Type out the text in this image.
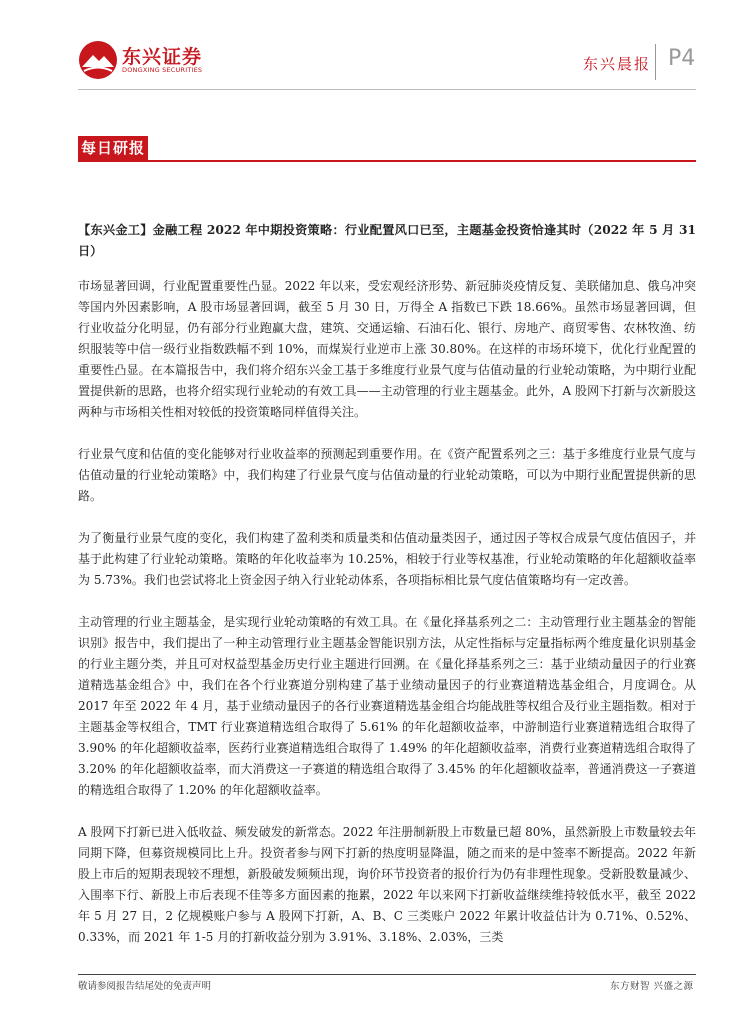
东兴证券
DONGXING SECURITIES	东兴晨报 P4
每日研报

【东兴金工】金融工程 2022 年中期投资策略：行业配置风口已至，主题基金投资恰逢其时（2022 年 5 月 31 日）

市场显著回调，行业配置重要性凸显。2022 年以来，受宏观经济形势、新冠肺炎疫情反复、美联储加息、俄乌冲突等国内外因素影响，A 股市场显著回调，截至 5 月 30 日，万得全 A 指数已下跌 18.66%。虽然市场显著回调，但行业收益分化明显，仍有部分行业跑赢大盘，建筑、交通运输、石油石化、银行、房地产、商贸零售、农林牧渔、纺织服装等中信一级行业指数跌幅不到 10%，而煤炭行业逆市上涨 30.80%。在这样的市场环境下，优化行业配置的重要性凸显。在本篇报告中，我们将介绍东兴金工基于多维度行业景气度与估值动量的行业轮动策略，为中期行业配置提供新的思路，也将介绍实现行业轮动的有效工具——主动管理的行业主题基金。此外，A 股网下打新与次新股这两种与市场相关性相对较低的投资策略同样值得关注。

行业景气度和估值的变化能够对行业收益率的预测起到重要作用。在《资产配置系列之三：基于多维度行业景气度与估值动量的行业轮动策略》中，我们构建了行业景气度与估值动量的行业轮动策略，可以为中期行业配置提供新的思路。

为了衡量行业景气度的变化，我们构建了盈利类和质量类和估值动量类因子，通过因子等权合成景气度估值因子，并基于此构建了行业轮动策略。策略的年化收益率为 10.25%，相较于行业等权基准，行业轮动策略的年化超额收益率为 5.73%。我们也尝试将北上资金因子纳入行业轮动体系，各项指标相比景气度估值策略均有一定改善。

主动管理的行业主题基金，是实现行业轮动策略的有效工具。在《量化择基系列之二：主动管理行业主题基金的智能识别》报告中，我们提出了一种主动管理行业主题基金智能识别方法，从定性指标与定量指标两个维度量化识别基金的行业主题分类，并且可对权益型基金历史行业主题进行回溯。在《量化择基系列之三：基于业绩动量因子的行业赛道精选基金组合》中，我们在各个行业赛道分别构建了基于业绩动量因子的行业赛道精选基金组合，月度调仓。从 2017 年至 2022 年 4 月，基于业绩动量因子的各行业赛道精选基金组合均能战胜等权组合及行业主题指数。相对于主题基金等权组合，TMT 行业赛道精选组合取得了 5.61% 的年化超额收益率，中游制造行业赛道精选组合取得了 3.90% 的年化超额收益率，医药行业赛道精选组合取得了 1.49% 的年化超额收益率，消费行业赛道精选组合取得了 3.20% 的年化超额收益率，而大消费这一子赛道的精选组合取得了 3.45% 的年化超额收益率，普通消费这一子赛道的精选组合取得了 1.20% 的年化超额收益率。

A 股网下打新已进入低收益、频发破发的新常态。2022 年注册制新股上市数量已超 80%，虽然新股上市数量较去年同期下降，但募资规模同比上升。投资者参与网下打新的热度明显降温，随之而来的是中签率不断提高。2022 年新股上市后的短期表现较不理想，新股破发频频出现，询价环节投资者的报价行为仍有非理性现象。受新股数量减少、入围率下行、新股上市后表现不佳等多方面因素的拖累，2022 年以来网下打新收益继续维持较低水平，截至 2022 年 5 月 27 日，2 亿规模账户参与 A 股网下打新，A、B、C 三类账户 2022 年累计收益估计为 0.71%、0.52%、0.33%，而 2021 年 1-5 月的打新收益分别为 3.91%、3.18%、2.03%，三类

敬请参阅报告结尾处的免责声明	东方财智 兴盛之源
